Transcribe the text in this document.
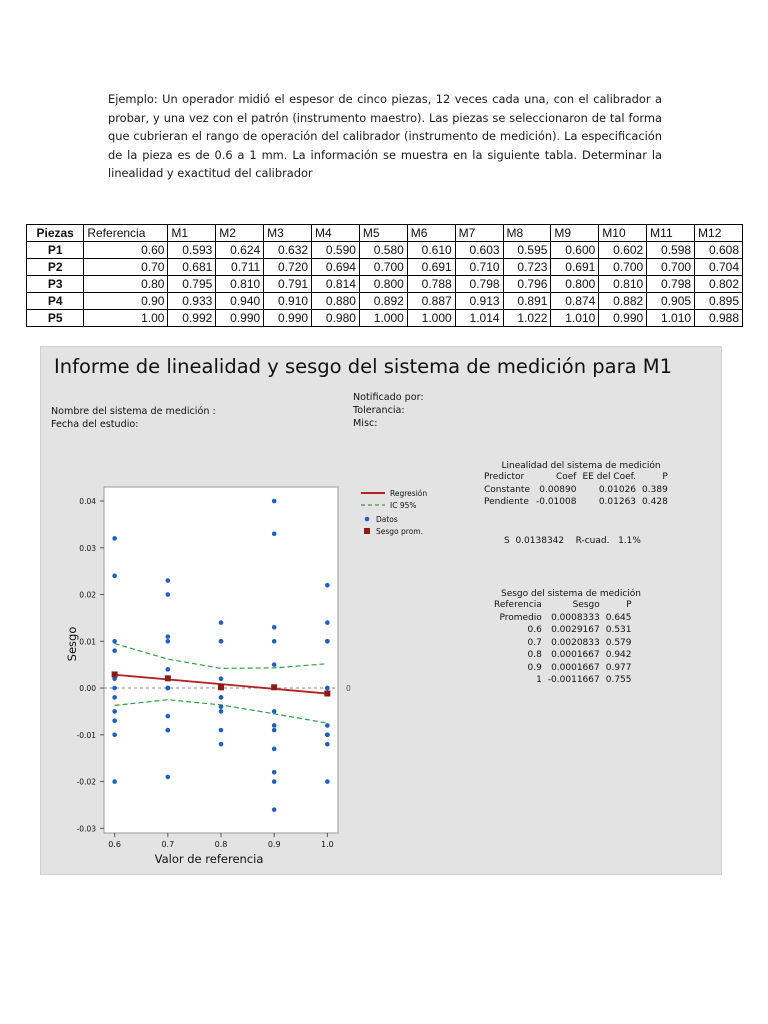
Ejemplo: Un operador midió el espesor de cinco piezas, 12 veces cada una, con el calibrador a probar, y una vez con el patrón (instrumento maestro). Las piezas se seleccionaron de tal forma que cubrieran el rango de operación del calibrador (instrumento de medición). La especificación de la pieza es de 0.6 a 1 mm. La información se muestra en la siguiente tabla. Determinar la linealidad y exactitud del calibrador
Piezas	Referencia	M1	M2	M3	M4	M5	M6	M7	M8	M9	M10	M11	M12
P1	0.60	0.593	0.624	0.632	0.590	0.580	0.610	0.603	0.595	0.600	0.602	0.598	0.608
P2	0.70	0.681	0.711	0.720	0.694	0.700	0.691	0.710	0.723	0.691	0.700	0.700	0.704
P3	0.80	0.795	0.810	0.791	0.814	0.800	0.788	0.798	0.796	0.800	0.810	0.798	0.802
P4	0.90	0.933	0.940	0.910	0.880	0.892	0.887	0.913	0.891	0.874	0.882	0.905	0.895
P5	1.00	0.992	0.990	0.990	0.980	1.000	1.000	1.014	1.022	1.010	0.990	1.010	0.988
Informe de linealidad y sesgo del sistema de medición para M1
Nombre del sistema de medición :
Fecha del estudio:
Notificado por:
Tolerancia:
Misc:
-0.03
-0.02
-0.01
0.00
0.01
0.02
0.03
0.04
0.6	0.7	0.8	0.9	1.0
Valor de referencia
Sesgo
0
Regresión
IC 95%
Datos
Sesgo prom.
Linealidad del sistema de medición
Predictor	Coef	EE del Coef.	P
Constante	0.00890	0.01026	0.389
Pendiente	-0.01008	0.01263	0.428
S 0.0138342 R-cuad. 1.1%
Sesgo del sistema de medición
Referencia	Sesgo	P
Promedio	0.0008333	0.645
0.6	0.0029167	0.531
0.7	0.0020833	0.579
0.8	0.0001667	0.942
0.9	0.0001667	0.977
1	-0.0011667	0.755
